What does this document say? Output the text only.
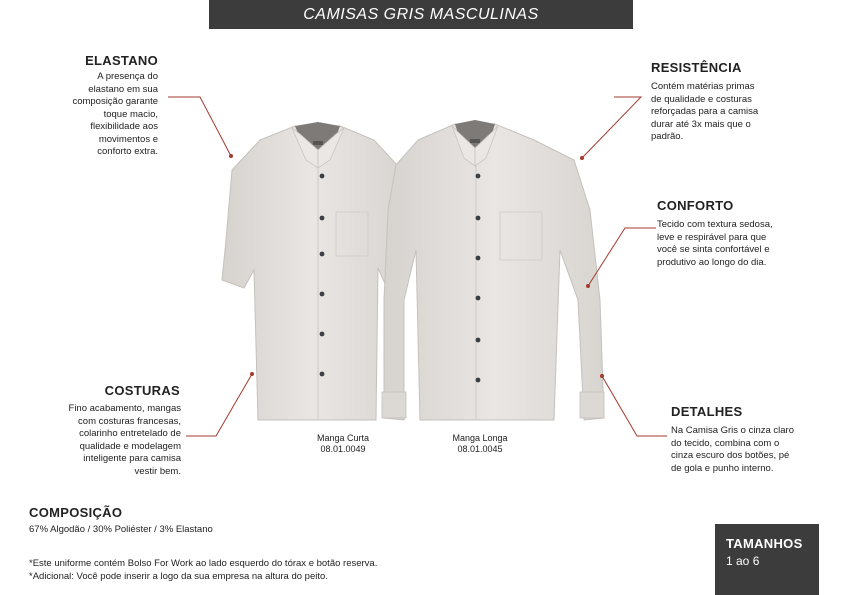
CAMISAS GRIS MASCULINAS
ELASTANO
A presença do
elastano em sua
composição garante
toque macio,
flexibilidade aos
movimentos e
conforto extra.
COSTURAS
Fino acabamento, mangas
com costuras francesas,
colarinho entretelado de
qualidade e modelagem
inteligente para camisa
vestir bem.
RESISTÊNCIA
Contém matérias primas
de qualidade e costuras
reforçadas para a camisa
durar até 3x mais que o
padrão.
CONFORTO
Tecido com textura sedosa,
leve e respirável para que
você se sinta confortável e
produtivo ao longo do dia.
DETALHES
Na Camisa Gris o cinza claro
do tecido, combina com o
cinza escuro dos botões, pé
de gola e punho interno.
Manga Curta
08.01.0049
Manga Longa
08.01.0045
COMPOSIÇÃO
67% Algodão / 30% Poliéster / 3% Elastano
*Este uniforme contém Bolso For Work ao lado esquerdo do tórax e botão reserva.
*Adicional: Você pode inserir a logo da sua empresa na altura do peito.
TAMANHOS
1 ao 6
